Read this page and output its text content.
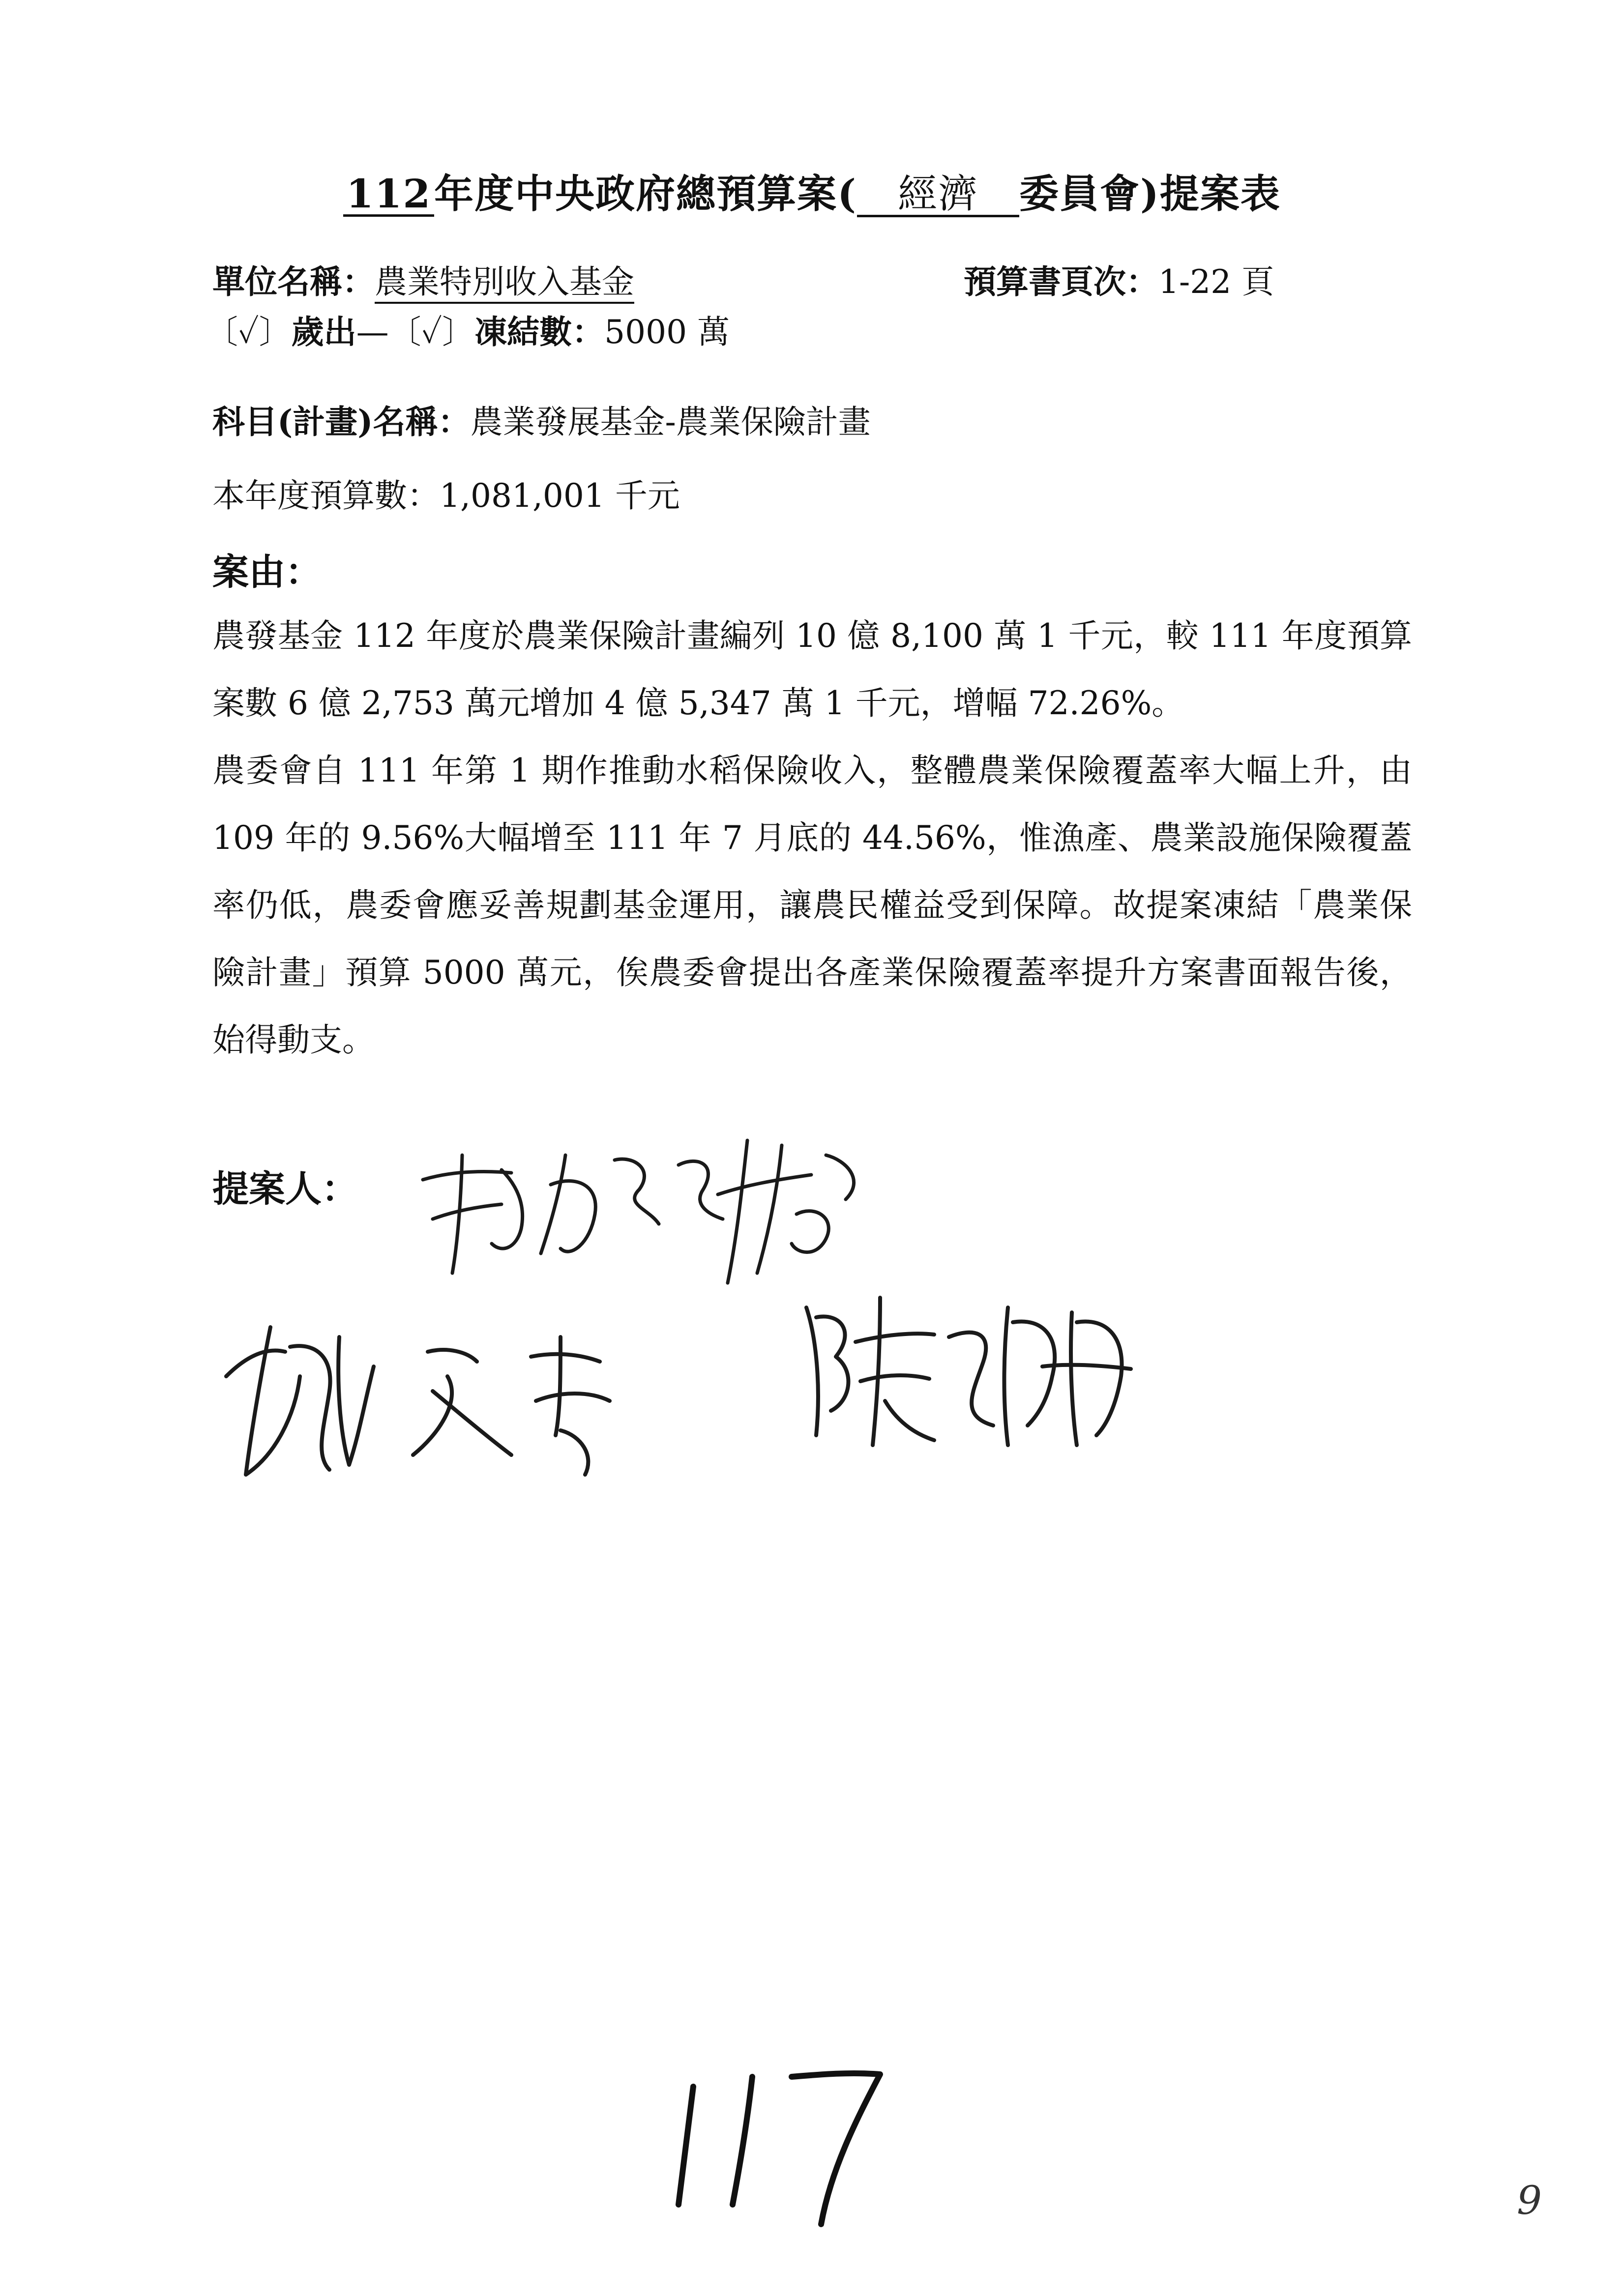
112年度中央政府總預算案( 經濟 委員會)提案表
單位名稱：農業特別收入基金	預算書頁次：1-22 頁
〔✓〕歲出—〔✓〕凍結數：5000 萬
科目(計畫)名稱：農業發展基金-農業保險計畫
本年度預算數：1,081,001 千元
案由：

農發基金 112 年度於農業保險計畫編列 10 億 8,100 萬 1 千元，較 111 年度預算案數 6 億 2,753 萬元增加 4 億 5,347 萬 1 千元，增幅 72.26%。

農委會自 111 年第 1 期作推動水稻保險收入，整體農業保險覆蓋率大幅上升，由 109 年的 9.56%大幅增至 111 年 7 月底的 44.56%，惟漁產、農業設施保險覆蓋率仍低，農委會應妥善規劃基金運用，讓農民權益受到保障。故提案凍結「農業保險計畫」預算 5000 萬元，俟農委會提出各產業保險覆蓋率提升方案書面報告後，始得動支。

提案人：
9
